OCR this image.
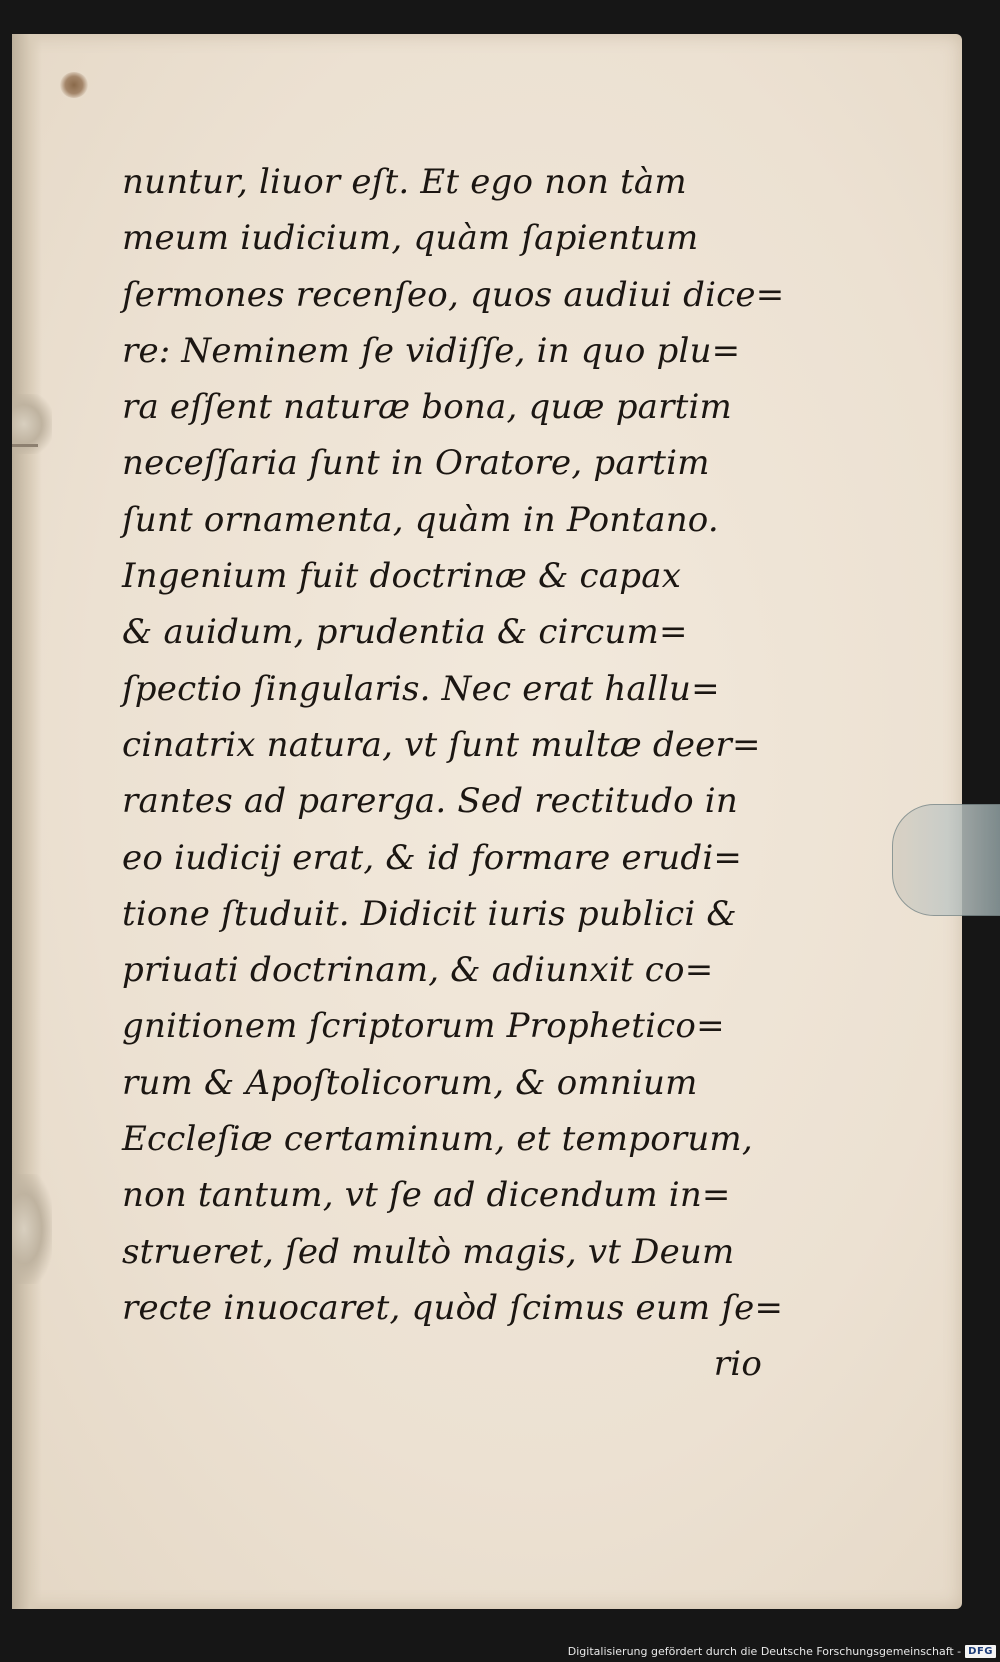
nuntur, liuor eſt. Et ego non tàm
meum iudicium, quàm ſapientum
ſermones recenſeo, quos audiui dice=
re: Neminem ſe vidiſſe, in quo plu=
ra eſſent naturæ bona, quæ partim
neceſſaria ſunt in Oratore, partim
ſunt ornamenta, quàm in Pontano.
Ingenium fuit doctrinæ & capax
& auidum, prudentia & circum=
ſpectio ſingularis. Nec erat hallu=
cinatrix natura, vt ſunt multæ deer=
rantes ad parerga. Sed rectitudo in
eo iudicij erat, & id formare erudi=
tione ſtuduit. Didicit iuris publici &
priuati doctrinam, & adiunxit co=
gnitionem ſcriptorum Prophetico=
rum & Apoſtolicorum, & omnium
Eccleſiæ certaminum, et temporum,
non tantum, vt ſe ad dicendum in=
strueret, ſed multò magis, vt Deum
recte inuocaret, quòd ſcimus eum ſe=
rio
Digitalisierung gefördert durch die Deutsche Forschungsgemeinschaft - DFG
